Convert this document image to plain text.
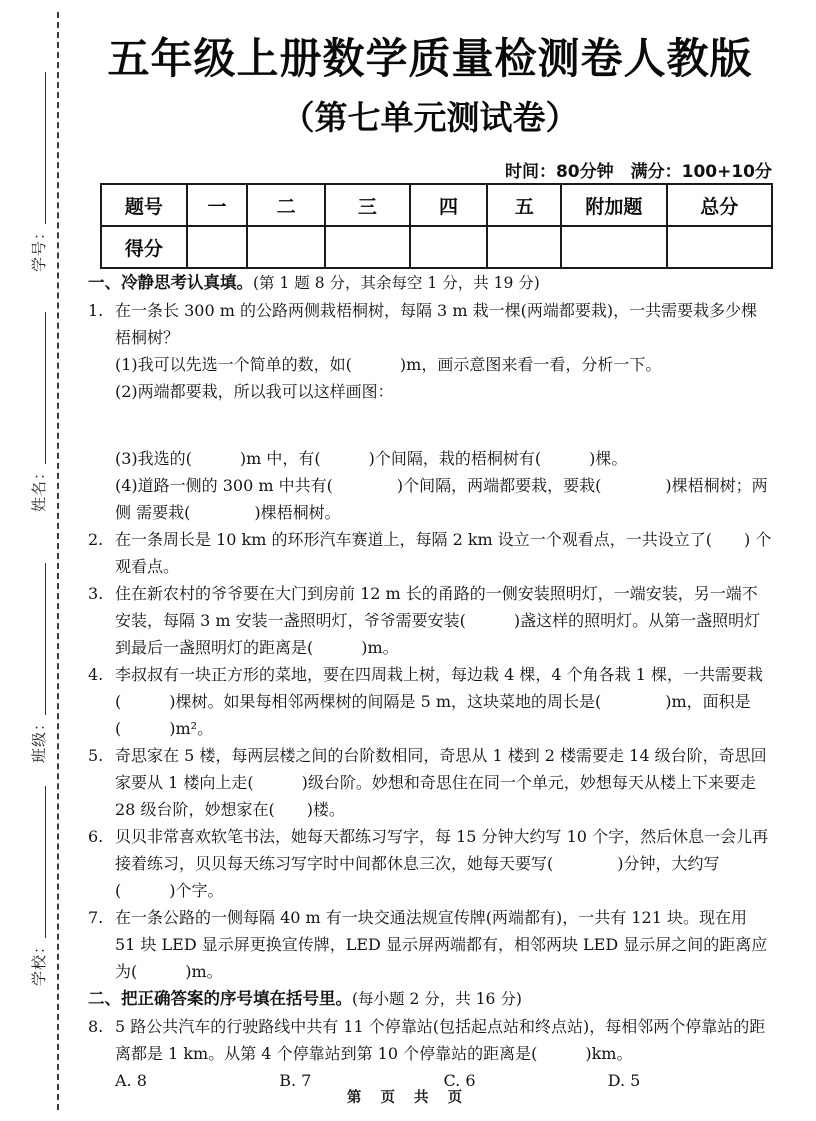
学号：
姓名：
班级：
学校：
五年级上册数学质量检测卷人教版
（第七单元测试卷）
时间：80分钟　满分：100+10分
题号	一	二	三	四	五	附加题	总分
得分							
一、冷静思考认真填。(第 1 题 8 分，其余每空 1 分，共 19 分)
1. 在一条长 300 m 的公路两侧栽梧桐树，每隔 3 m 栽一棵(两端都要栽)，一共需要栽多少棵梧桐树？
(1)我可以先选一个简单的数，如(　　　)m，画示意图来看一看，分析一下。
(2)两端都要栽，所以我可以这样画图：
(3)我选的(　　　)m 中，有(　　　)个间隔，栽的梧桐树有(　　　)棵。
(4)道路一侧的 300 m 中共有(　　　　)个间隔，两端都要栽，要栽(　　　　)棵梧桐树；两侧 需要栽(　　　　)棵梧桐树。
2. 在一条周长是 10 km 的环形汽车赛道上，每隔 2 km 设立一个观看点，一共设立了(　　) 个观看点。
3. 住在新农村的爷爷要在大门到房前 12 m 长的甬路的一侧安装照明灯，一端安装，另一端不安装，每隔 3 m 安装一盏照明灯，爷爷需要安装(　　　)盏这样的照明灯。从第一盏照明灯到最后一盏照明灯的距离是(　　　)m。
4. 李叔叔有一块正方形的菜地，要在四周栽上树，每边栽 4 棵，4 个角各栽 1 棵，一共需要栽 (　　　)棵树。如果每相邻两棵树的间隔是 5 m，这块菜地的周长是(　　　　)m，面积是 (　　　)m²。
5. 奇思家在 5 楼，每两层楼之间的台阶数相同，奇思从 1 楼到 2 楼需要走 14 级台阶，奇思回家要从 1 楼向上走(　　　)级台阶。妙想和奇思住在同一个单元，妙想每天从楼上下来要走 28 级台阶，妙想家在(　　)楼。
6. 贝贝非常喜欢软笔书法，她每天都练习写字，每 15 分钟大约写 10 个字，然后休息一会儿再接着练习，贝贝每天练习写字时中间都休息三次，她每天要写(　　　　)分钟，大约写 (　　　)个字。
7. 在一条公路的一侧每隔 40 m 有一块交通法规宣传牌(两端都有)，一共有 121 块。现在用 51 块 LED 显示屏更换宣传牌，LED 显示屏两端都有，相邻两块 LED 显示屏之间的距离应为(　　　)m。
二、把正确答案的序号填在括号里。(每小题 2 分，共 16 分)
8. 5 路公共汽车的行驶路线中共有 11 个停靠站(包括起点站和终点站)，每相邻两个停靠站的距离都是 1 km。从第 4 个停靠站到第 10 个停靠站的距离是(　　　)km。
A. 8	B. 7	C. 6	D. 5
第 页 共 页
